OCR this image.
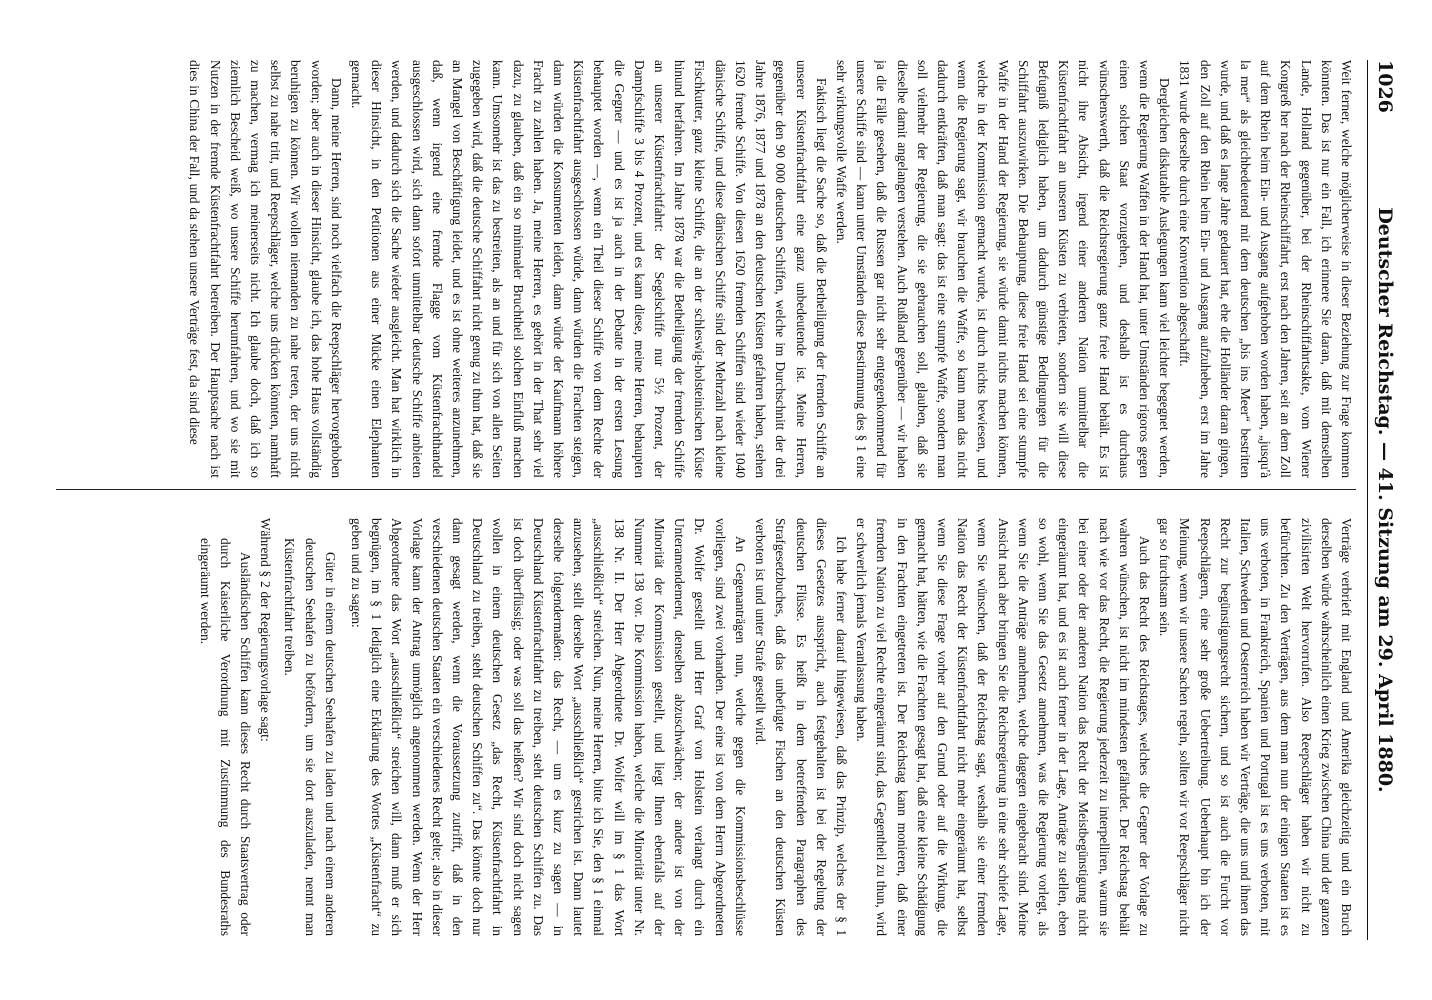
1026
Deutscher Reichstag. — 41. Sitzung am 29. April 1880.

Weit ferner, welche möglicherweise in dieser Beziehung zur Frage kommen könnten. Das ist nur ein Fall, ich erinnere Sie daran, daß mit demselben Lande, Holland gegenüber, bei der Rheinschiffahrtsakte, vom Wiener Kongreß her nach der Rheinschiffahrt, erst nach den Jahren, seit an dem Zoll auf dem Rhein beim Ein- und Ausgang aufgehoben worden haben, „jusqu'à la mer“ als gleichbedeutend mit dem deutschen „bis ins Meer“ bestritten wurde, und daß es lange Jahre gedauert hat, ehe die Holländer daran gingen, den Zoll auf den Rhein beim Ein- und Ausgang aufzuheben, erst im Jahre 1831 wurde derselbe durch eine Konvention abgeschafft.

Dergleichen diskutable Auslegungen kann viel leichter begegnet werden, wenn die Regierung Waffen in der Hand hat, unter Umständen rigoros gegen einen solchen Staat vorzugehen, und deshalb ist es durchaus wünschenswerth, daß die Reichsregierung ganz freie Hand behält. Es ist nicht ihre Absicht, irgend einer anderen Nation unmittelbar die Küstenfrachtfahrt an unseren Küsten zu verbieten, sondern sie will diese Befugniß lediglich haben, um dadurch günstige Bedingungen für die Schiffahrt auszuwirken. Die Behauptung, diese freie Hand sei eine stumpfe Waffe in der Hand der Regierung, sie würde damit nichts machen können, welche in der Kommission gemacht wurde, ist durch nichts bewiesen, und wenn die Regierung sagt, wir brauchen die Waffe, so kann man das nicht dadurch entkräften, daß man sagt: das ist eine stumpfe Waffe, sondern man soll vielmehr der Regierung, die sie gebrauchen soll, glauben, daß sie dieselbe damit angelangen verstehen. Auch Rußland gegenüber — wir haben ja die Fälle gesehen, daß die Russen gar nicht sehr entgegenkommend für unsere Schiffe sind — kann unter Umständen diese Bestimmung des § 1 eine sehr wirkungsvolle Waffe werden.

Faktisch liegt die Sache so, daß die Betheiligung der fremden Schiffe an unserer Küstenfrachtfahrt eine ganz unbedeutende ist. Meine Herren, gegenüber den 90 000 deutschen Schiffen, welche im Durchschnitt der drei Jahre 1876, 1877 und 1878 an den deutschen Küsten gefahren haben, stehen 1620 fremde Schiffe. Von diesen 1620 fremden Schiffen sind wieder 1040 dänische Schiffe, und diese dänischen Schiffe sind der Mehrzahl nach kleine Fischkutter, ganz kleine Schiffe, die an der schleswig-holsteinischen Küste hinund herfahren. Im Jahre 1878 war die Betheiligung der fremden Schiffe an unserer Küstenfrachtfahrt: der Segelschiffe nur 5½ Prozent, der Dampfschiffe 3 bis 4 Prozent, und es kann diese, meine Herren, behaupten die Gegner — und es ist ja auch in der Debatte in der ersten Lesung behauptet worden —, wenn ein Theil dieser Schiffe von dem Rechte der Küstenfrachtfahrt ausgeschlossen würde, dann würden die Frachten steigen, dann würden die Konsumenten leiden, dann würde der Kaufmann höhere Fracht zu zahlen haben. Ja, meine Herren, es gehört in der That sehr viel dazu, zu glauben, daß ein so minimaler Bruchtheil solchen Einfluß machen kann. Umsomehr ist das zu bestreiten, als an und für sich von allen Seiten zugegeben wird, daß die deutsche Schiffahrt nicht genug zu thun hat, daß sie an Mangel von Beschäftigung leidet, und es ist ohne weiteres anzunehmen, daß, wenn irgend eine fremde Flagge vom Küstenfrachthandel ausgeschlossen wird, sich dann sofort unmittelbar deutsche Schiffe anbieten werden, und dadurch sich die Sache wieder ausgleicht. Man hat wirklich in dieser Hinsicht, in den Petitionen aus einer Mücke einen Elephanten gemacht.

Dann, meine Herren, sind noch vielfach die Reepschläger hervorgehoben worden; aber auch in dieser Hinsicht, glaube ich, das hohe Haus vollständig beruhigen zu können. Wir wollen niemanden zu nahe treten, der uns nicht selbst zu nahe tritt, und Reepschläger, welche uns drücken könnten, namhaft zu machen, vermag ich meinerseits nicht. Ich glaube doch, daß ich so ziemlich Bescheid weiß, wo unsere Schiffe herumfahren, und wo sie mit Nutzen in der fremde Küstenfrachtfahrt betreiben. Der Hauptsache nach ist dies in China der Fall, und da stehen unsere Verträge fest, da sind diese

Verträge verbrieft mit England und Amerika gleichzeitig und ein Bruch derselben würde wahrscheinlich einen Krieg zwischen China und der ganzen zivilisirten Welt hervorrufen. Also Reepschläger haben wir nicht zu befürchten. Zu den Verträgen, aus dem man nun der einigen Staaten ist es uns verboten, in Frankreich, Spanien und Portugal ist es uns verboten, mit Italien, Schweden und Oesterreich haben wir Verträge, die uns und ihnen das Recht zur begünstigungsrecht sichern, und so ist auch die Furcht vor Reepschlägern, eine sehr große Uebertreibung. Ueberhaupt bin ich der Meinung, wenn wir unsere Sachen regeln, sollten wir vor Reepschläger nicht gar so furchtsam sein.

Auch das Recht des Reichstages, welches die Gegner der Vorlage zu wahren wünschen, ist nicht im mindesten gefährdet. Der Reichstag behält nach wie vor das Recht, die Regierung jederzeit zu interpelliren, warum sie bei einer oder der anderen Nation das Recht der Meistbegünstigung nicht eingeräumt hat, und es ist auch ferner in der Lage, Anträge zu stellen, eben so wohl, wenn Sie das Gesetz annehmen, was die Regierung vorlegt, als wenn Sie die Anträge annehmen, welche dagegen eingebracht sind. Meine Ansicht nach aber bringen Sie die Reichsregierung in eine sehr schiefe Lage, wenn Sie wünschen, daß der Reichstag sagt, weshalb sie einer fremden Nation das Recht der Küstenfrachtfahrt nicht mehr eingeräumt hat, selbst wenn Sie diese Frage vorher auf den Grund oder auf die Wirkung, die gemacht hat, hätten, wie die Frachten gesagt hat, daß eine kleine Schädigung in den Frachten eingetreten ist. Der Reichstag kann monieren, daß einer fremden Nation zu viel Rechte eingeräumt sind, das Gegentheil zu thun, wird er schwerlich jemals Veranlassung haben.

Ich habe ferner darauf hingewiesen, daß das Prinzip, welches der § 1 dieses Gesetzes ausspricht, auch festgehalten ist bei der Regelung der deutschen Flüsse. Es heißt in dem betreffenden Paragraphen des Strafgesetzbuches, daß das unbefugte Fischen an den deutschen Küsten verboten ist und unter Strafe gestellt wird.

An Gegenanträgen nun, welche gegen die Kommissionsbeschlüsse vorliegen, sind zwei vorhanden. Der eine ist von dem Herrn Abgeordneten Dr. Wolfer gestellt und Herr Graf von Holstein verlangt durch ein Unteramendement, denselben abzuschwächen; der andere ist von der Minorität der Kommission gestellt, und liegt Ihnen ebenfalls auf der Nummer 138 vor. Die Kommission haben, welche die Minorität unter Nr. 138 Nr. II. Der Herr Abgeordnete Dr. Wolfer will im § 1 das Wort „ausschließlich“ streichen. Nun, meine Herren, bitte ich Sie, den § 1 einmal anzusehen, stellt derselbe Wort „ausschließlich“ gestrichen ist. Dann lautet derselbe folgendermaßen: das Recht, — um es kurz zu sagen — in Deutschland Küstenfrachtfahrt zu treiben, steht deutschen Schiffen zu. Das ist doch überflüssig; oder was soll das heißen? Wir sind doch nicht sagen wollen in einem deutschen Gesetz „das Recht, Küstenfrachtfahrt in Deutschland zu treiben, steht deutschen Schiffen zu“. Das könnte doch nur dann gesagt werden, wenn die Voraussetzung zutrifft, daß in den verschiedenen deutschen Staaten ein verschiedenes Recht gelte; also in dieser Vorlage kann der Antrag unmöglich angenommen werden. Wenn der Herr Abgeordnete das Wort „ausschließlich“ streichen will, dann muß er sich begnügen, im § 1 lediglich eine Erklärung des Wortes „Küstenfracht“ zu geben und zu sagen:

Güter in einem deutschen Seehafen zu laden und nach einem anderen deutschen Seehafen zu befördern, um sie dort auszuladen, nennt man Küstenfrachtfahrt treiben.

Während § 2 der Regierungsvorlage sagt:

Ausländischen Schiffen kann dieses Recht durch Staatsvertrag oder durch Kaiserliche Verordnung mit Zustimmung des Bundesraths eingeräumt werden.
